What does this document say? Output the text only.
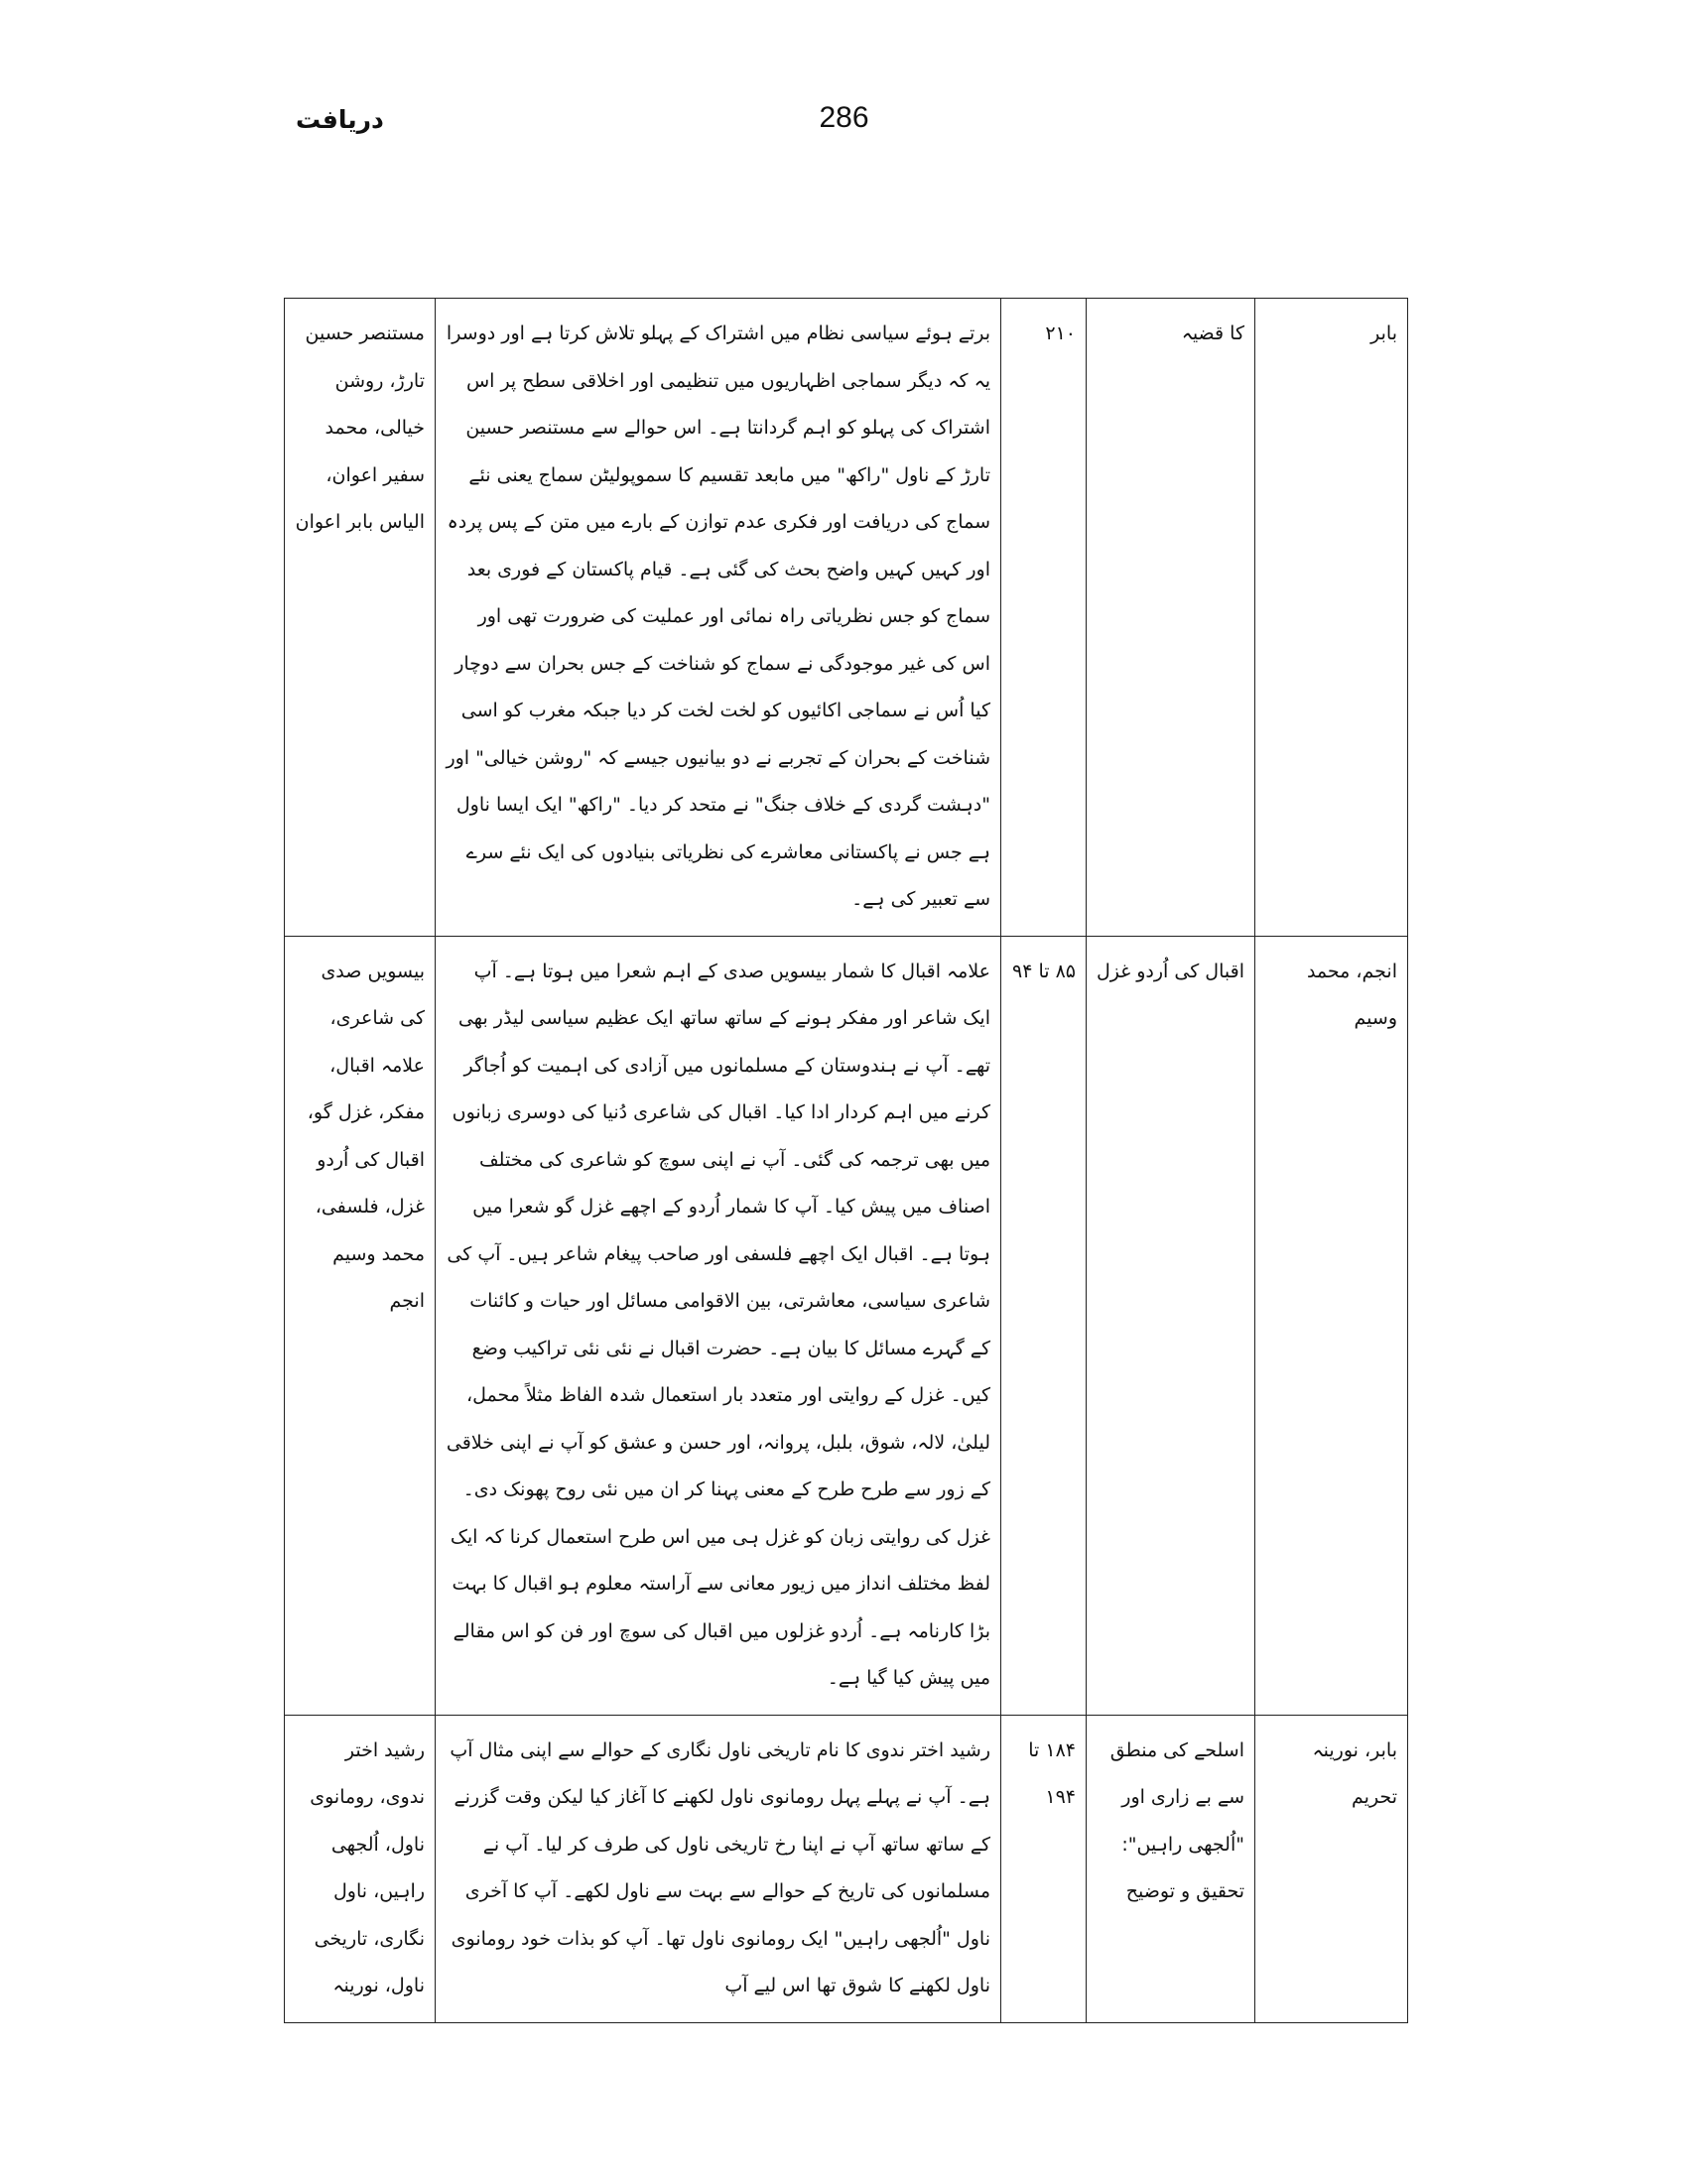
دریافت	286
بابر	کا قضیہ	۲۱۰	برتے ہوئے سیاسی نظام میں اشتراک کے پہلو تلاش کرتا ہے اور دوسرا یہ کہ دیگر سماجی اظہاریوں میں تنظیمی اور اخلاقی سطح پر اس اشتراک کی پہلو کو اہم گردانتا ہے۔ اس حوالے سے مستنصر حسین تارڑ کے ناول "راکھ" میں مابعد تقسیم کا سموپولیٹن سماج یعنی نئے سماج کی دریافت اور فکری عدم توازن کے بارے میں متن کے پس پردہ اور کہیں کہیں واضح بحث کی گئی ہے۔ قیام پاکستان کے فوری بعد سماج کو جس نظریاتی راہ نمائی اور عملیت کی ضرورت تھی اور اس کی غیر موجودگی نے سماج کو شناخت کے جس بحران سے دوچار کیا اُس نے سماجی اکائیوں کو لخت لخت کر دیا جبکہ مغرب کو اسی شناخت کے بحران کے تجربے نے دو بیانیوں جیسے کہ "روشن خیالی" اور "دہشت گردی کے خلاف جنگ" نے متحد کر دیا۔ "راکھ" ایک ایسا ناول ہے جس نے پاکستانی معاشرے کی نظریاتی بنیادوں کی ایک نئے سرے سے تعبیر کی ہے۔	مستنصر حسین تارڑ، روشن خیالی، محمد سفیر اعوان، الیاس بابر اعوان
انجم، محمد وسیم	اقبال کی اُردو غزل	۸۵ تا ۹۴	علامہ اقبال کا شمار بیسویں صدی کے اہم شعرا میں ہوتا ہے۔ آپ ایک شاعر اور مفکر ہونے کے ساتھ ساتھ ایک عظیم سیاسی لیڈر بھی تھے۔ آپ نے ہندوستان کے مسلمانوں میں آزادی کی اہمیت کو اُجاگر کرنے میں اہم کردار ادا کیا۔ اقبال کی شاعری دُنیا کی دوسری زبانوں میں بھی ترجمہ کی گئی۔ آپ نے اپنی سوچ کو شاعری کی مختلف اصناف میں پیش کیا۔ آپ کا شمار اُردو کے اچھے غزل گو شعرا میں ہوتا ہے۔ اقبال ایک اچھے فلسفی اور صاحب پیغام شاعر ہیں۔ آپ کی شاعری سیاسی، معاشرتی، بین الاقوامی مسائل اور حیات و کائنات کے گہرے مسائل کا بیان ہے۔ حضرت اقبال نے نئی نئی تراکیب وضع کیں۔ غزل کے روایتی اور متعدد بار استعمال شدہ الفاظ مثلاً محمل، لیلیٰ، لالہ، شوق، بلبل، پروانہ، اور حسن و عشق کو آپ نے اپنی خلاقی کے زور سے طرح طرح کے معنی پہنا کر ان میں نئی روح پھونک دی۔ غزل کی روایتی زبان کو غزل ہی میں اس طرح استعمال کرنا کہ ایک لفظ مختلف انداز میں زیور معانی سے آراستہ معلوم ہو اقبال کا بہت بڑا کارنامہ ہے۔ اُردو غزلوں میں اقبال کی سوچ اور فن کو اس مقالے میں پیش کیا گیا ہے۔	بیسویں صدی کی شاعری، علامہ اقبال، مفکر، غزل گو، اقبال کی اُردو غزل، فلسفی، محمد وسیم انجم
بابر، نورینہ تحریم	اسلحے کی منطق سے بے زاری اور "اُلجھی راہیں": تحقیق و توضیح	۱۸۴ تا ۱۹۴	رشید اختر ندوی کا نام تاریخی ناول نگاری کے حوالے سے اپنی مثال آپ ہے۔ آپ نے پہلے پہل رومانوی ناول لکھنے کا آغاز کیا لیکن وقت گزرنے کے ساتھ ساتھ آپ نے اپنا رخ تاریخی ناول کی طرف کر لیا۔ آپ نے مسلمانوں کی تاریخ کے حوالے سے بہت سے ناول لکھے۔ آپ کا آخری ناول "اُلجھی راہیں" ایک رومانوی ناول تھا۔ آپ کو بذات خود رومانوی ناول لکھنے کا شوق تھا اس لیے آپ	رشید اختر ندوی، رومانوی ناول، اُلجھی راہیں، ناول نگاری، تاریخی ناول، نورینہ
